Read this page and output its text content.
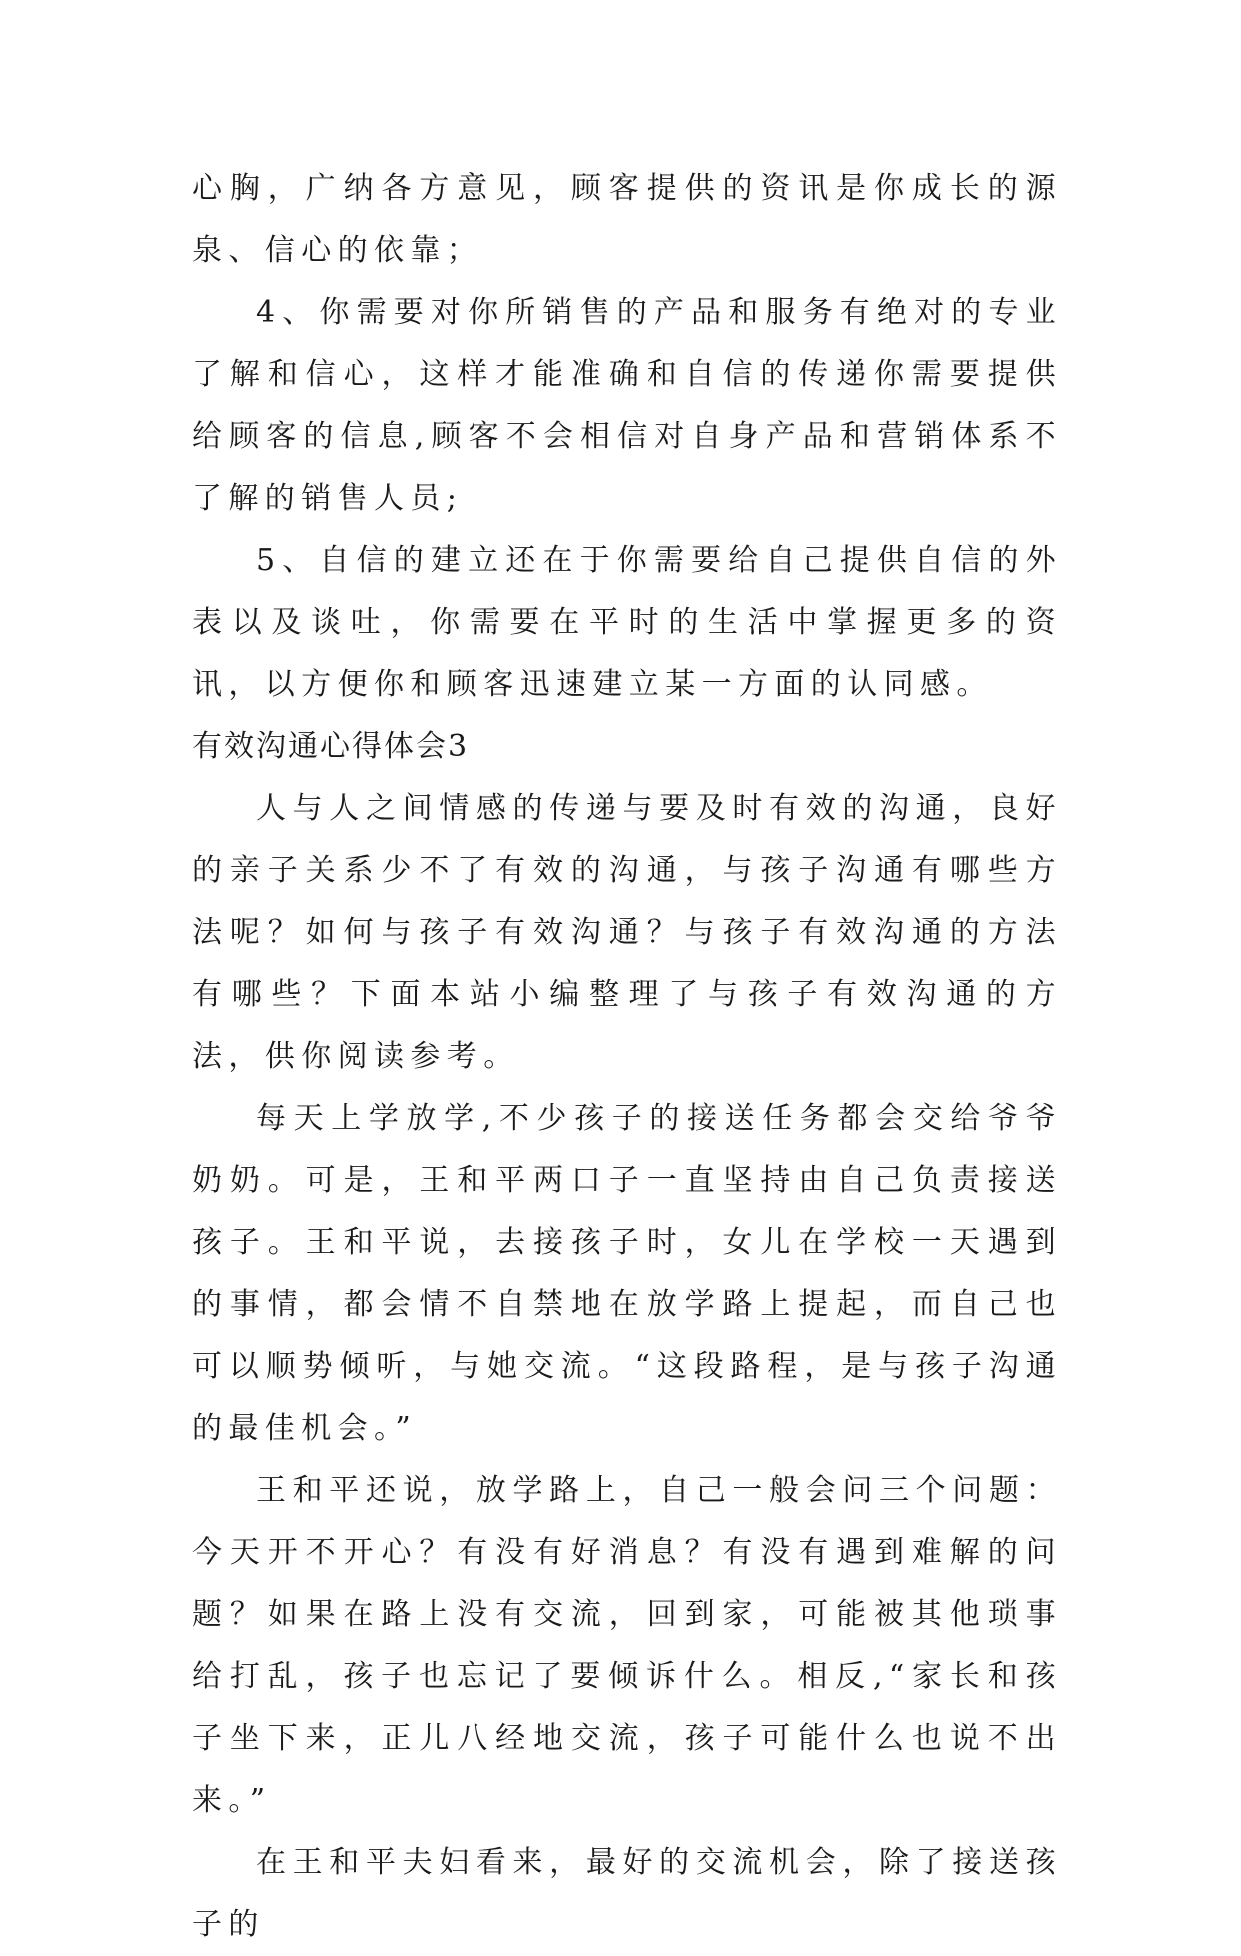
心胸，广纳各方意见，顾客提供的资讯是你成长的源泉、信心的依靠；

4、你需要对你所销售的产品和服务有绝对的专业了解和信心，这样才能准确和自信的传递你需要提供给顾客的信息,顾客不会相信对自身产品和营销体系不了解的销售人员;

5、自信的建立还在于你需要给自己提供自信的外表以及谈吐，你需要在平时的生活中掌握更多的资讯，以方便你和顾客迅速建立某一方面的认同感。

有效沟通心得体会3

人与人之间情感的传递与要及时有效的沟通，良好的亲子关系少不了有效的沟通，与孩子沟通有哪些方法呢？如何与孩子有效沟通？与孩子有效沟通的方法有哪些？下面本站小编整理了与孩子有效沟通的方法，供你阅读参考。

每天上学放学,不少孩子的接送任务都会交给爷爷奶奶。可是，王和平两口子一直坚持由自己负责接送孩子。王和平说，去接孩子时，女儿在学校一天遇到的事情，都会情不自禁地在放学路上提起，而自己也可以顺势倾听，与她交流。“这段路程，是与孩子沟通的最佳机会。”

王和平还说，放学路上，自己一般会问三个问题：今天开不开心？有没有好消息？有没有遇到难解的问题？如果在路上没有交流，回到家，可能被其他琐事给打乱，孩子也忘记了要倾诉什么。相反,“家长和孩子坐下来，正儿八经地交流，孩子可能什么也说不出来。”

在王和平夫妇看来，最好的交流机会，除了接送孩子的
